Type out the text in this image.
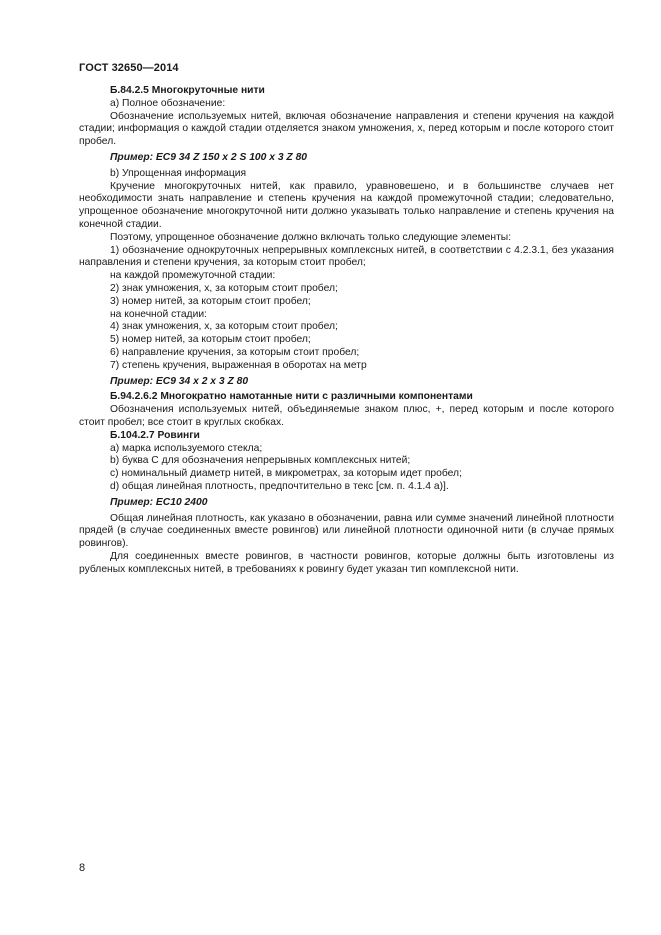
ГОСТ 32650—2014

Б.84.2.5 Многокруточные нити

а) Полное обозначение:

Обозначение используемых нитей, включая обозначение направления и степени кручения на каждой стадии; информация о каждой стадии отделяется знаком умножения, х, перед которым и после которого стоит пробел.

Пример: EC9 34 Z 150 x 2 S 100 x 3 Z 80

b) Упрощенная информация

Кручение многокруточных нитей, как правило, уравновешено, и в большинстве случаев нет необходимости знать направление и степень кручения на каждой промежуточной стадии; следовательно, упрощенное обозначение многокруточной нити должно указывать только направление и степень кручения на конечной стадии.

Поэтому, упрощенное обозначение должно включать только следующие элементы:

1) обозначение однокруточных непрерывных комплексных нитей, в соответствии с 4.2.3.1, без указания направления и степени кручения, за которым стоит пробел;

на каждой промежуточной стадии:

2) знак умножения, х, за которым стоит пробел;

3) номер нитей, за которым стоит пробел;

на конечной стадии:

4) знак умножения, х, за которым стоит пробел;

5) номер нитей, за которым стоит пробел;

6) направление кручения, за которым стоит пробел;

7) степень кручения, выраженная в оборотах на метр

Пример: EC9 34 x 2 x 3 Z 80

Б.94.2.6.2 Многократно намотанные нити с различными компонентами

Обозначения используемых нитей, объединяемые знаком плюс, +, перед которым и после которого стоит пробел; все стоит в круглых скобках.

Б.104.2.7 Ровинги

а) марка используемого стекла;

b) буква С для обозначения непрерывных комплексных нитей;

с) номинальный диаметр нитей, в микрометрах, за которым идет пробел;

d) общая линейная плотность, предпочтительно в текс [см. п. 4.1.4 а)].

Пример: EC10 2400

Общая линейная плотность, как указано в обозначении, равна или сумме значений линейной плотности прядей (в случае соединенных вместе ровингов) или линейной плотности одиночной нити (в случае прямых ровингов).

Для соединенных вместе ровингов, в частности ровингов, которые должны быть изготовлены из рубленых комплексных нитей, в требованиях к ровингу будет указан тип комплексной нити.

8
